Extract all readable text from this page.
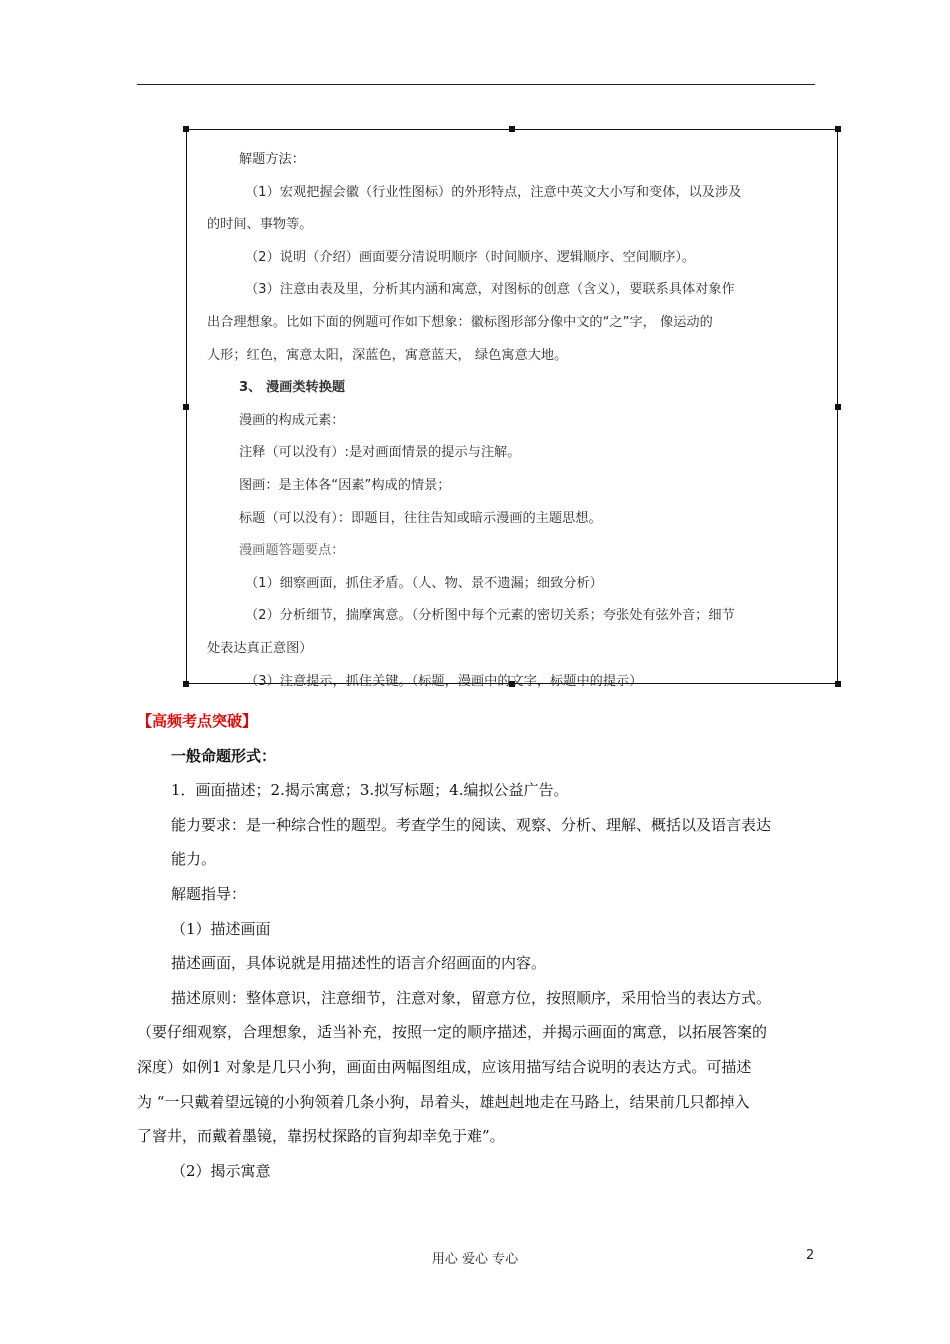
解题方法：

（1）宏观把握会徽（行业性图标）的外形特点，注意中英文大小写和变体，以及涉及

的时间、事物等。

（2）说明（介绍）画面要分清说明顺序（时间顺序、逻辑顺序、空间顺序）。

（3）注意由表及里，分析其内涵和寓意，对图标的创意（含义），要联系具体对象作

出合理想象。比如下面的例题可作如下想象：徽标图形部分像中文的“之”字， 像运动的

人形；红色，寓意太阳，深蓝色，寓意蓝天， 绿色寓意大地。

3、 漫画类转换题

漫画的构成元素：

注释（可以没有）:是对画面情景的提示与注解。

图画：是主体各“因素”构成的情景；

标题（可以没有）：即题目，往往告知或暗示漫画的主题思想。

漫画题答题要点：

（1）细察画面，抓住矛盾。（人、物、景不遗漏；细致分析）

（2）分析细节，揣摩寓意。（分析图中每个元素的密切关系；夸张处有弦外音；细节

处表达真正意图）

（3）注意提示，抓住关键。（标题，漫画中的文字，标题中的提示）

【高频考点突破】

一般命题形式：

1．画面描述；2.揭示寓意；3.拟写标题；4.编拟公益广告。

能力要求：是一种综合性的题型。考查学生的阅读、观察、分析、理解、概括以及语言表达

能力。

解题指导：

（1）描述画面

描述画面，具体说就是用描述性的语言介绍画面的内容。

描述原则：整体意识，注意细节，注意对象，留意方位，按照顺序，采用恰当的表达方式。

（要仔细观察，合理想象，适当补充，按照一定的顺序描述，并揭示画面的寓意，以拓展答案的

深度）如例1 对象是几只小狗，画面由两幅图组成，应该用描写结合说明的表达方式。可描述

为 “一只戴着望远镜的小狗领着几条小狗，昂着头，雄赳赳地走在马路上，结果前几只都掉入

了窨井，而戴着墨镜，靠拐杖探路的盲狗却幸免于难”。

（2）揭示寓意

用心 爱心 专心	2
